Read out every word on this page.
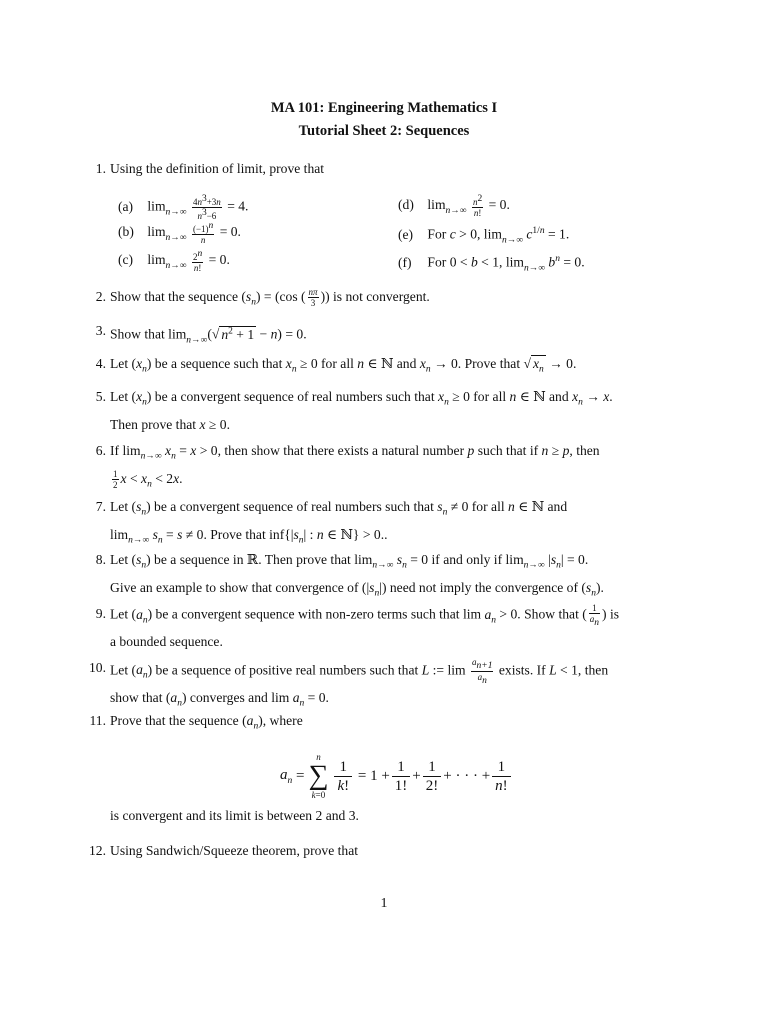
MA 101: Engineering Mathematics I
Tutorial Sheet 2: Sequences
1. Using the definition of limit, prove that
(a) $\lim_{n\to\infty} \frac{4n^3+3n}{n^3-6} = 4$.
(b) $\lim_{n\to\infty} \frac{(-1)^n}{n} = 0$.
(c) $\lim_{n\to\infty} \frac{2^n}{n!} = 0$.
(d) $\lim_{n\to\infty} \frac{n^2}{n!} = 0$.
(e) For c > 0, $\lim_{n\to\infty} c^{1/n} = 1$.
(f) For 0 < b < 1, $\lim_{n\to\infty} b^n = 0$.
2. Show that the sequence $(s_n) = (\cos$ ( $\frac{n\pi}{3}$ )) is not convergent.
3. Show that $\lim_{n\to\infty}(√$ $n^2 + 1 - n) = 0$.
4. Let $(x_n)$ be a sequence such that $x_n \ge 0$ for all n ∈ ℕ and $x_n \to 0$. Prove that √ $x_n \to 0$.
5. Let $(x_n)$ be a convergent sequence of real numbers such that $x_n \ge 0$ for all n ∈ ℕ and $x_n \to x$.
Then prove that x ≥ 0.
6. If $\lim_{n\to\infty} x_n = x > 0$, then show that there exists a natural number p such that if n ≥ p, then

$\frac{1}{2}$ $x < x_n < 2x$.
7. Let $(s_n)$ be a convergent sequence of real numbers such that $s_n \ne 0$ for all n ∈ ℕ and
$\lim_{n\to\infty} s_n = s \ne 0$. Prove that $inf\{|s_n|$ : n ∈ ℕ} > 0..
8. Let $(s_n)$ be a sequence in ℝ. Then prove that $\lim_{n\to\infty} s_n = 0$ if and only if $\lim_{n\to\infty} |s_n| = 0$.
Give an example to show that convergence of $(|s_n|)$ need not imply the convergence of $(s_n)$.
9. Let $(a_n)$ be a convergent sequence with non-zero terms such that $\lim a_n > 0$. Show that ( $\frac{1}{a_n}$ ) is
a bounded sequence.
10. Let $(a_n)$ be a sequence of positive real numbers such that L := $\lim \frac{a_{n+1}}{a_n}$ exists. If L < 1, then
show that $(a_n)$ converges and $\lim a_n = 0$.
11. Prove that the sequence $(a_n)$, where
$a_n$ =
n
∑
k=0
1
k!
= 1 +
1
1!
+
1
2!
+ · · · +
1
n!
is convergent and its limit is between 2 and 3.
12. Using Sandwich/Squeeze theorem, prove that
1
